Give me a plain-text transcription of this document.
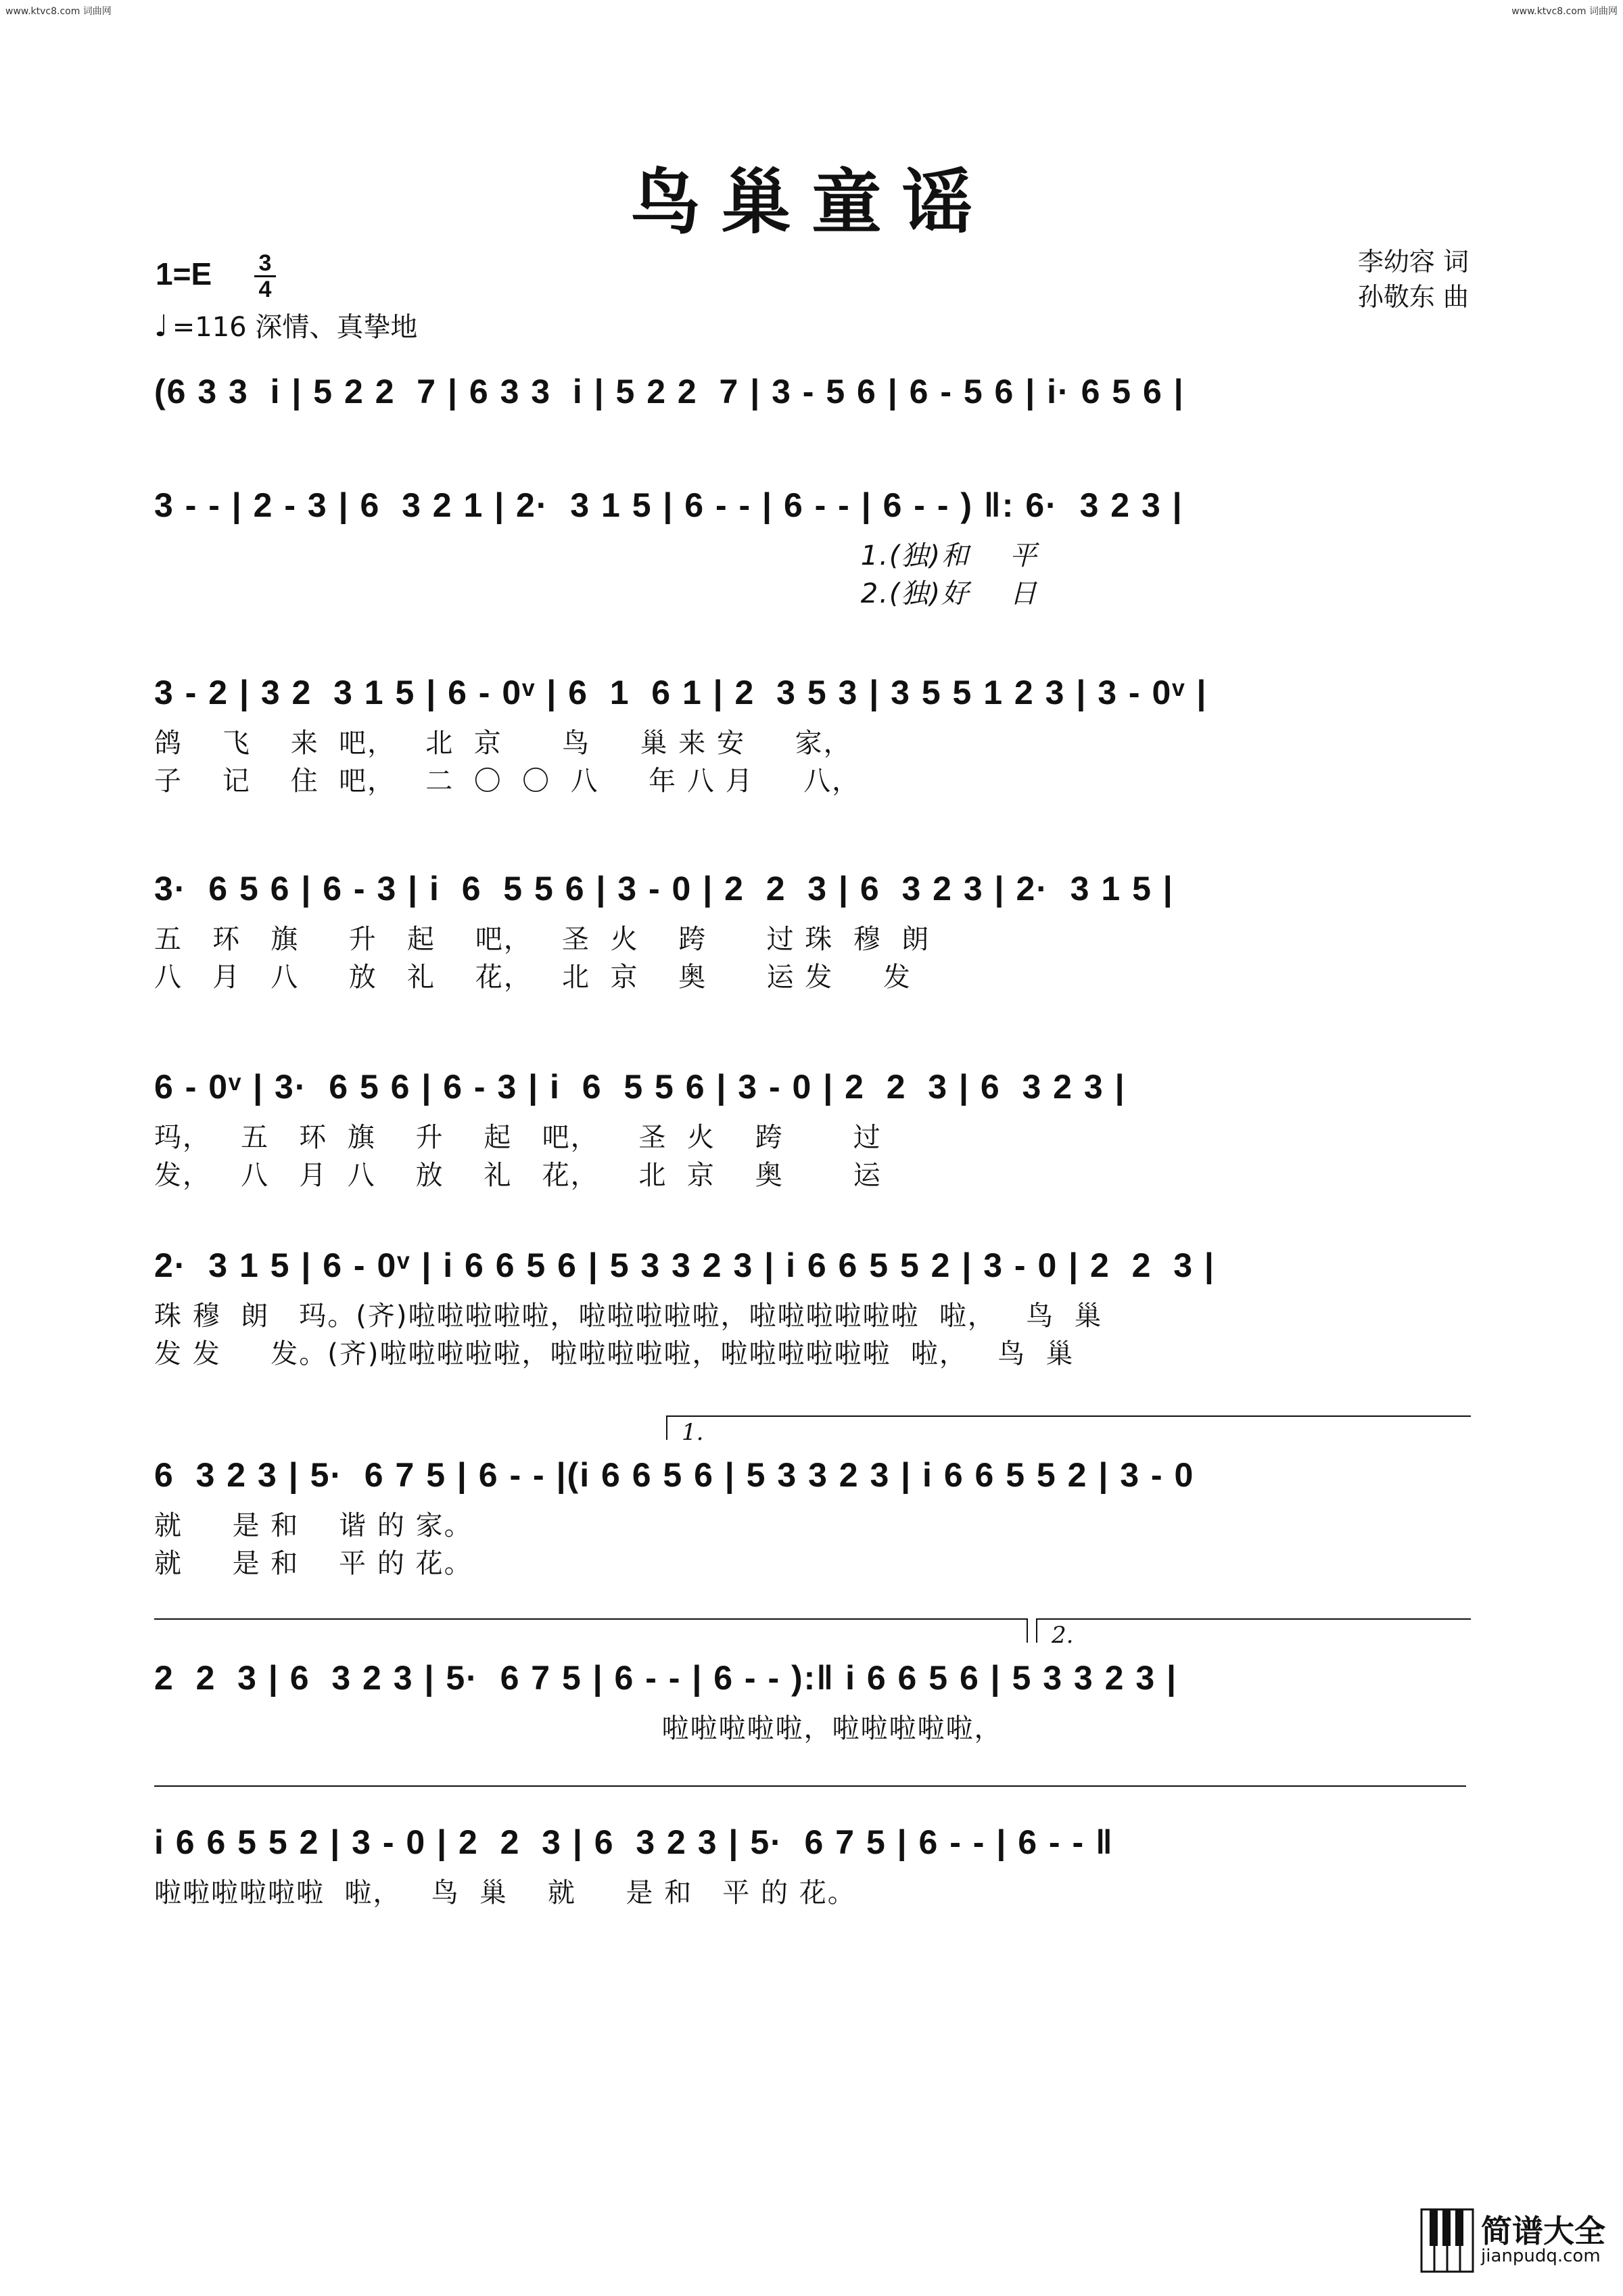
www.ktvc8.com 词曲网	www.ktvc8.com 词曲网
鸟巢童谣
李幼容 词
孙敬东 曲
1=E	3
4
♩ =116 深情、真挚地
(6 3 3  i | 5 2 2  7 | 6 3 3  i | 5 2 2  7 | 3 - 5 6 | 6 - 5 6 | i· 6 5 6 |
3 - - | 2 - 3 | 6  3 2 1 | 2·  3 1 5 | 6 - - | 6 - - | 6 - - ) ‖: 6·  3 2 3 |
1.(独)和    平
2.(独)好    日
3 - 2 | 3 2  3 1 5 | 6 - 0ᵛ | 6  1  6 1 | 2  3 5 3 | 3 5 5 1 2 3 | 3 - 0ᵛ |
鸽    飞    来  吧，   北  京      鸟     巢 来 安     家，
子    记    住  吧，   二  〇  〇  八     年 八 月     八，
3·  6 5 6 | 6 - 3 | i  6  5 5 6 | 3 - 0 | 2  2  3 | 6  3 2 3 | 2·  3 1 5 |
五   环   旗     升   起    吧，   圣  火    跨      过 珠  穆  朗
八   月   八     放   礼    花，   北  京    奥      运 发     发
6 - 0ᵛ | 3·  6 5 6 | 6 - 3 | i  6  5 5 6 | 3 - 0 | 2  2  3 | 6  3 2 3 |
玛，   五   环  旗    升    起   吧，    圣  火    跨       过
发，   八   月  八    放    礼   花，    北  京    奥       运
2·  3 1 5 | 6 - 0ᵛ | i 6 6 5 6 | 5 3 3 2 3 | i 6 6 5 5 2 | 3 - 0 | 2  2  3 |
珠 穆  朗   玛。(齐)啦啦啦啦啦，啦啦啦啦啦，啦啦啦啦啦啦  啦，   鸟  巢
发 发     发。(齐)啦啦啦啦啦，啦啦啦啦啦，啦啦啦啦啦啦  啦，   鸟  巢
1.
6  3 2 3 | 5·  6 7 5 | 6 - - |(i 6 6 5 6 | 5 3 3 2 3 | i 6 6 5 5 2 | 3 - 0
就     是 和    谐 的 家。
就     是 和    平 的 花。
2.
2  2  3 | 6  3 2 3 | 5·  6 7 5 | 6 - - | 6 - - ):‖ i 6 6 5 6 | 5 3 3 2 3 |
啦啦啦啦啦，啦啦啦啦啦，
i 6 6 5 5 2 | 3 - 0 | 2  2  3 | 6  3 2 3 | 5·  6 7 5 | 6 - - | 6 - - ‖
啦啦啦啦啦啦  啦，   鸟  巢    就     是 和   平 的 花。
简谱大全
jianpudq.com
